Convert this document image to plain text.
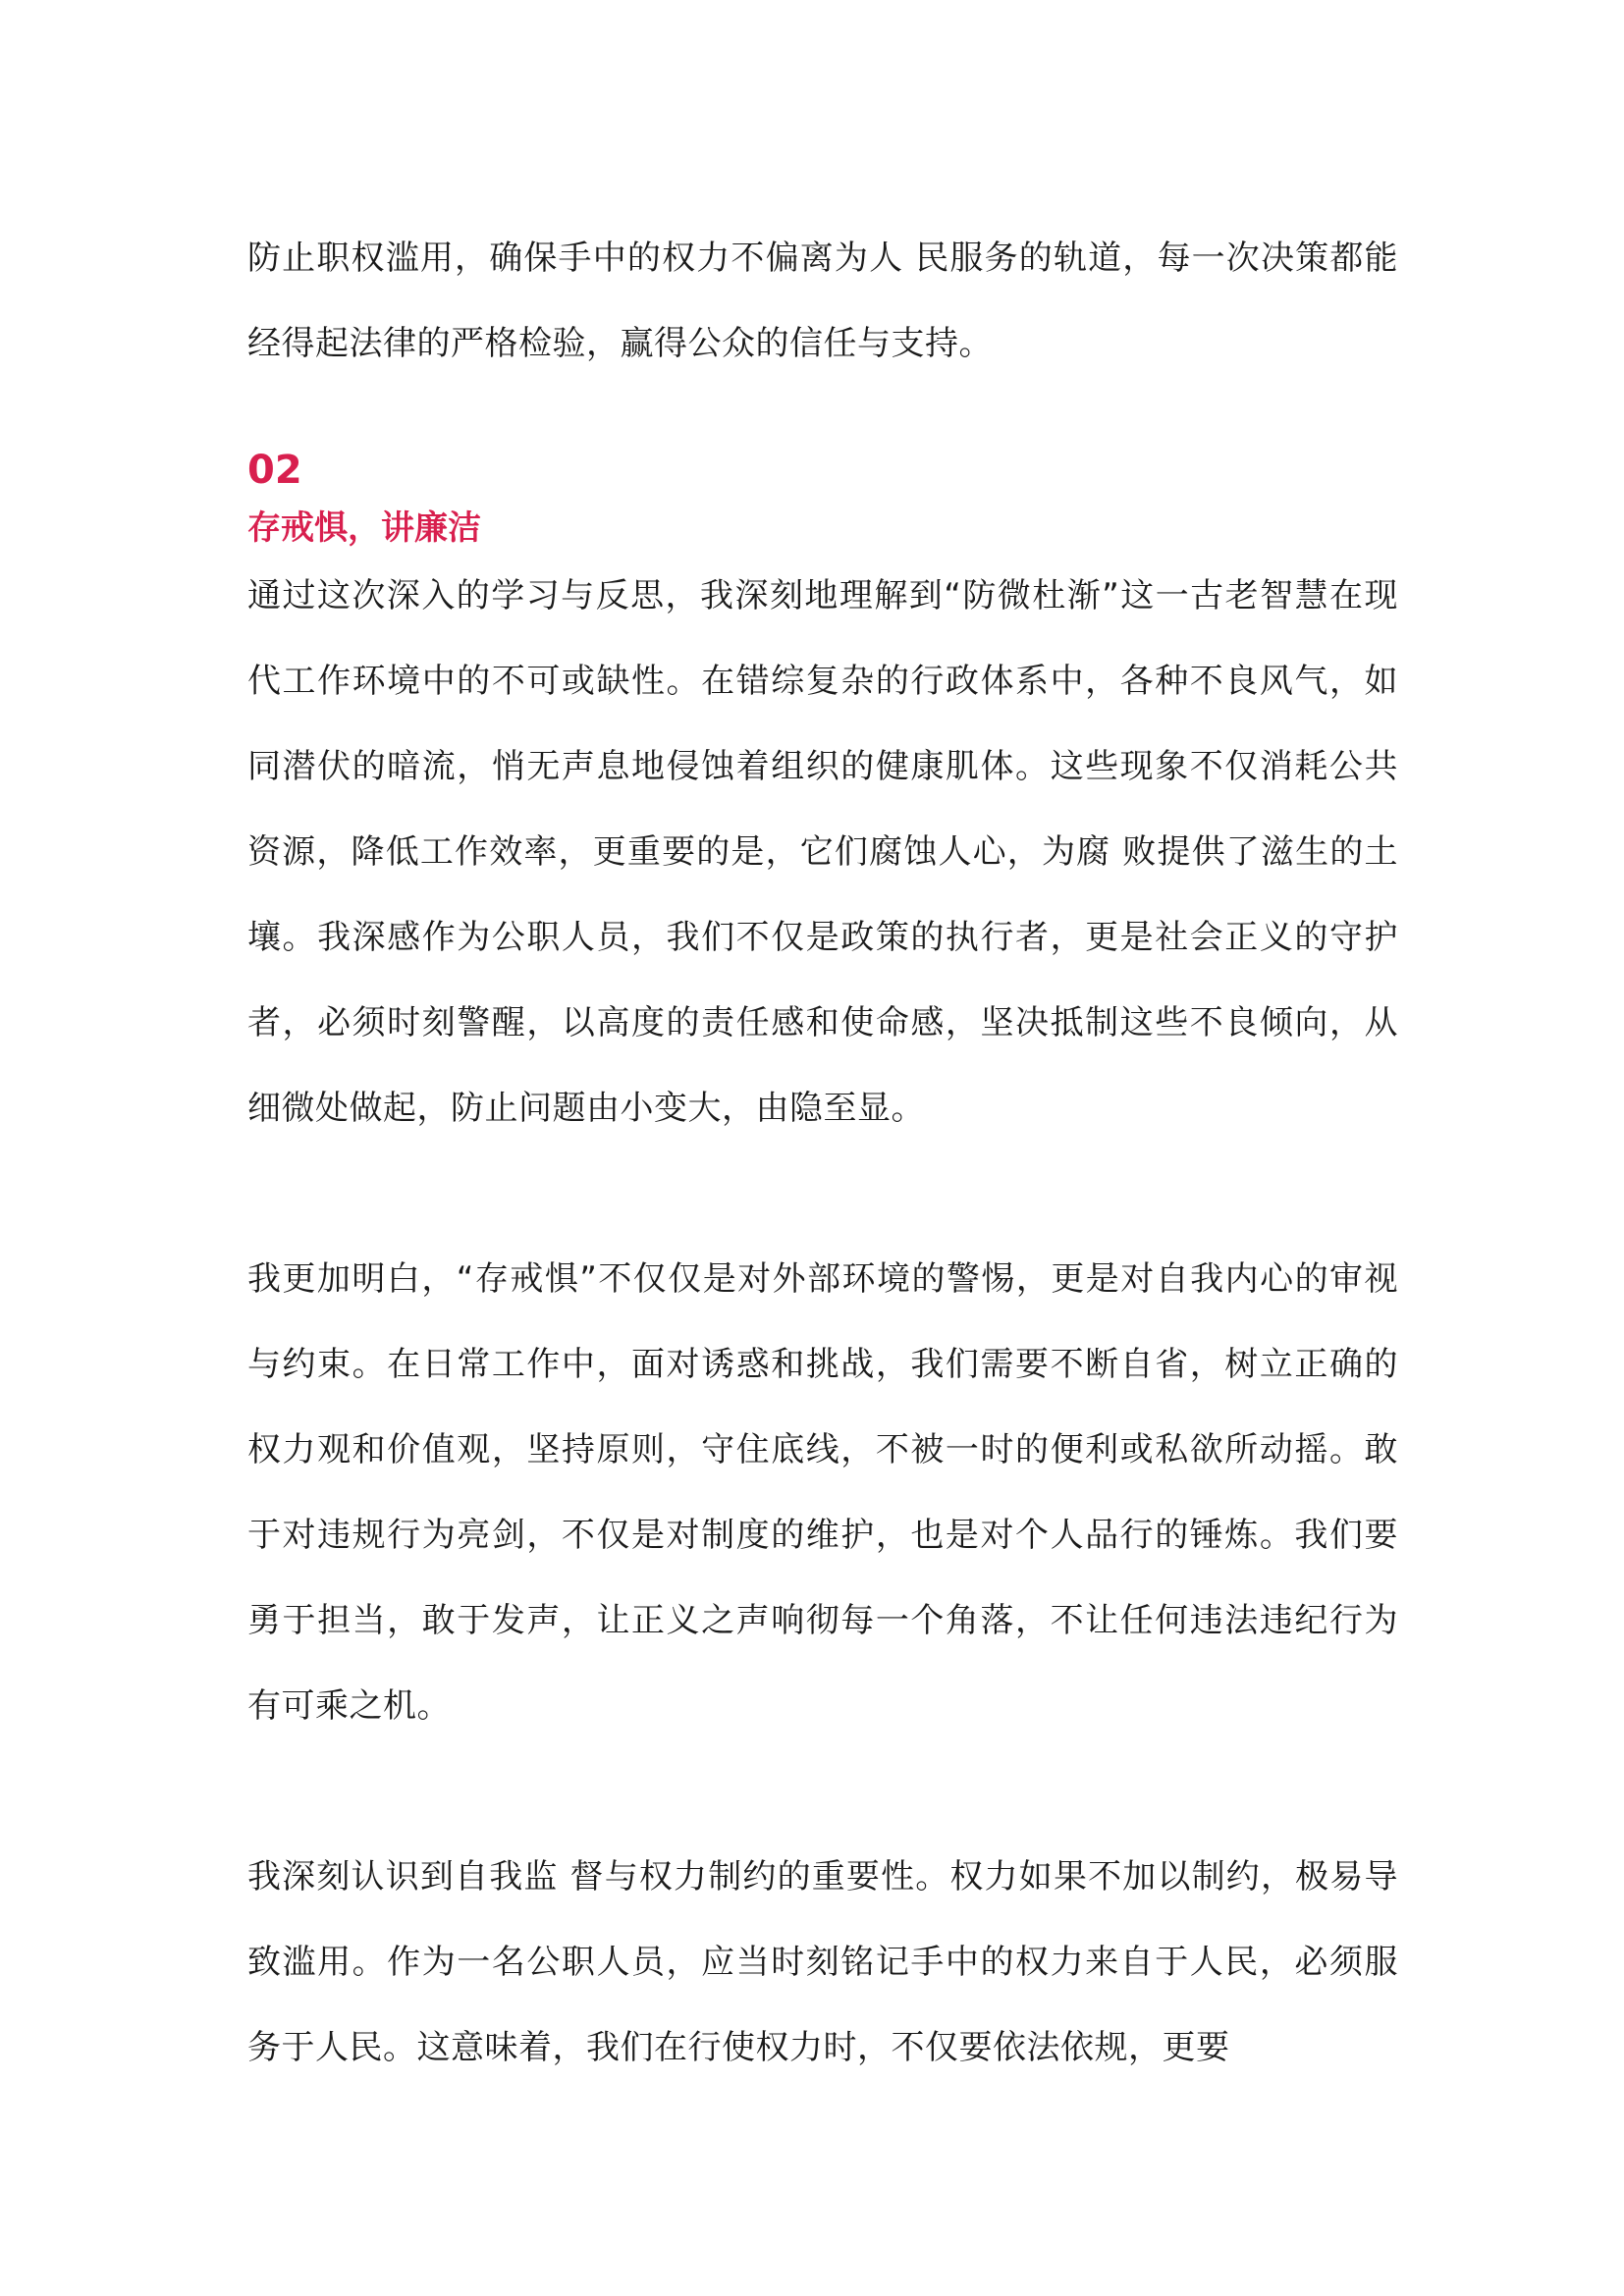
防止职权滥用，确保手中的权力不偏离为人 民服务的轨道，每一次决策都能经得起法律的严格检验，赢得公众的信任与支持。

02
存戒惧，讲廉洁

通过这次深入的学习与反思，我深刻地理解到“防微杜渐”这一古老智慧在现代工作环境中的不可或缺性。在错综复杂的行政体系中，各种不良风气，如同潜伏的暗流，悄无声息地侵蚀着组织的健康肌体。这些现象不仅消耗公共资源，降低工作效率，更重要的是，它们腐蚀人心，为腐 败提供了滋生的土壤。我深感作为公职人员，我们不仅是政策的执行者，更是社会正义的守护者，必须时刻警醒，以高度的责任感和使命感，坚决抵制这些不良倾向，从细微处做起，防止问题由小变大，由隐至显。

我更加明白，“存戒惧”不仅仅是对外部环境的警惕，更是对自我内心的审视与约束。在日常工作中，面对诱惑和挑战，我们需要不断自省，树立正确的权力观和价值观，坚持原则，守住底线，不被一时的便利或私欲所动摇。敢于对违规行为亮剑，不仅是对制度的维护，也是对个人品行的锤炼。我们要勇于担当，敢于发声，让正义之声响彻每一个角落，不让任何违法违纪行为有可乘之机。

我深刻认识到自我监 督与权力制约的重要性。权力如果不加以制约，极易导致滥用。作为一名公职人员，应当时刻铭记手中的权力来自于人民，必须服务于人民。这意味着，我们在行使权力时，不仅要依法依规，更要
